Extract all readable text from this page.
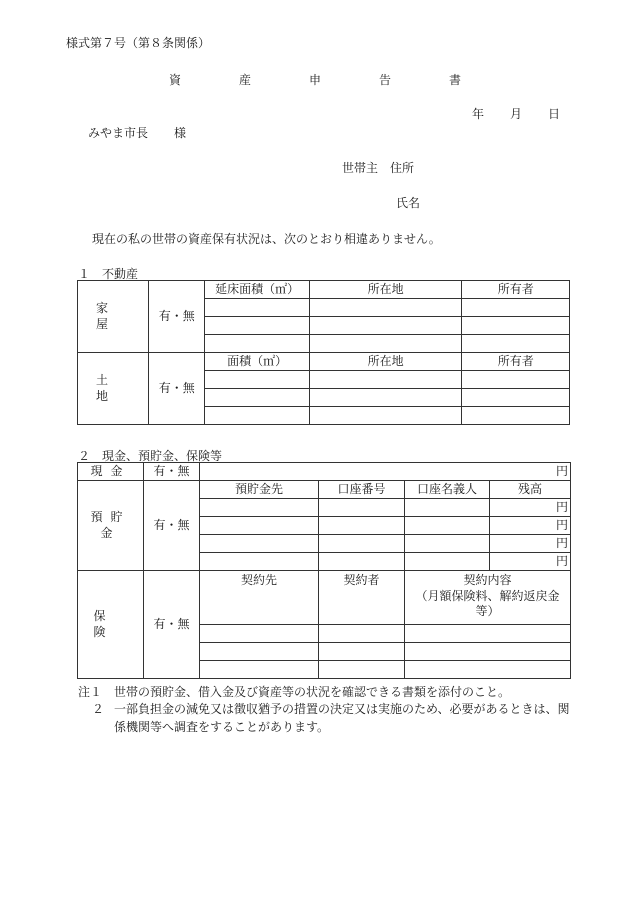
様式第７号（第８条関係）
資　産　申　告　書
年 月 日
みやま市長 様
世帯主 住所
氏名
現在の私の世帯の資産保有状況は、次のとおり相違ありません。
１　不動産
家　屋	有・無	延床面積（㎡）	所在地	所有者

土　地	有・無	面積（㎡）	所在地	所有者

２　現金、預貯金、保険等
現金	有・無	円			
預貯金	有・無	預貯金先	口座番号	口座名義人	残高
					円
					円
					円
					円
保険	有・無	契約先	契約者	契約内容
（月額保険料、解約返戻金等）	

注１ 世帯の預貯金、借入金及び資産等の状況を確認できる書類を添付のこと。
２ 一部負担金の減免又は徴収猶予の措置の決定又は実施のため、必要があるときは、関係機関等へ調査をすることがあります。
